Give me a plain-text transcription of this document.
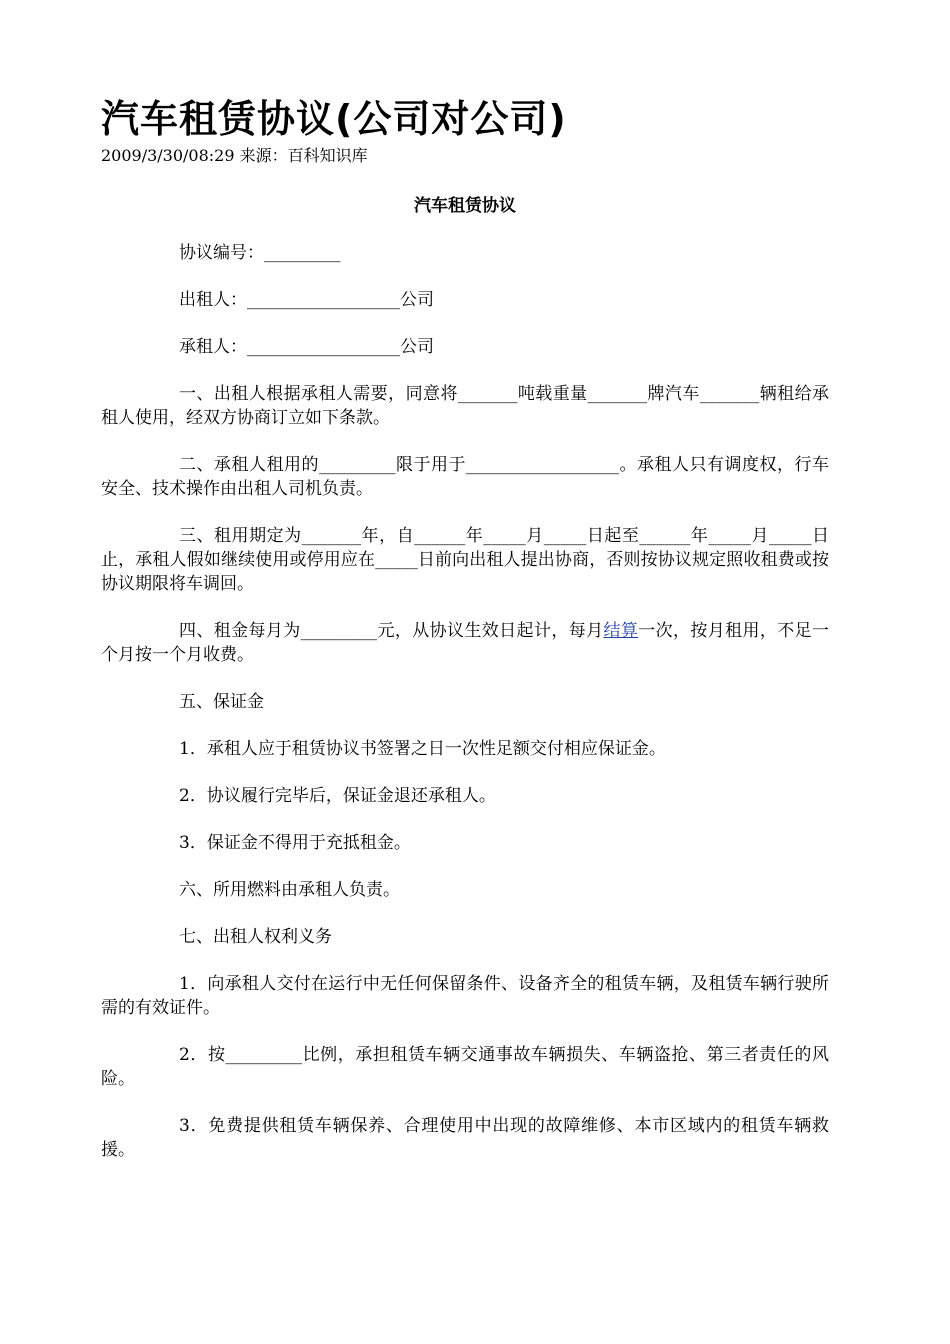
汽车租赁协议(公司对公司)

2009/3/30/08:29 来源：百科知识库

汽车租赁协议

协议编号：_________

出租人：__________________公司

承租人：__________________公司

一、出租人根据承租人需要，同意将_______吨载重量_______牌汽车_______辆租给承租人使用，经双方协商订立如下条款。

二、承租人租用的_________限于用于__________________。承租人只有调度权，行车安全、技术操作由出租人司机负责。

三、租用期定为_______年，自______年_____月_____日起至______年_____月_____日止，承租人假如继续使用或停用应在_____日前向出租人提出协商，否则按协议规定照收租费或按协议期限将车调回。

四、租金每月为_________元，从协议生效日起计，每月结算一次，按月租用，不足一个月按一个月收费。

五、保证金

1．承租人应于租赁协议书签署之日一次性足额交付相应保证金。

2．协议履行完毕后，保证金退还承租人。

3．保证金不得用于充抵租金。

六、所用燃料由承租人负责。

七、出租人权利义务

1．向承租人交付在运行中无任何保留条件、设备齐全的租赁车辆，及租赁车辆行驶所需的有效证件。

2．按_________比例，承担租赁车辆交通事故车辆损失、车辆盗抢、第三者责任的风险。

3．免费提供租赁车辆保养、合理使用中出现的故障维修、本市区域内的租赁车辆救援。
